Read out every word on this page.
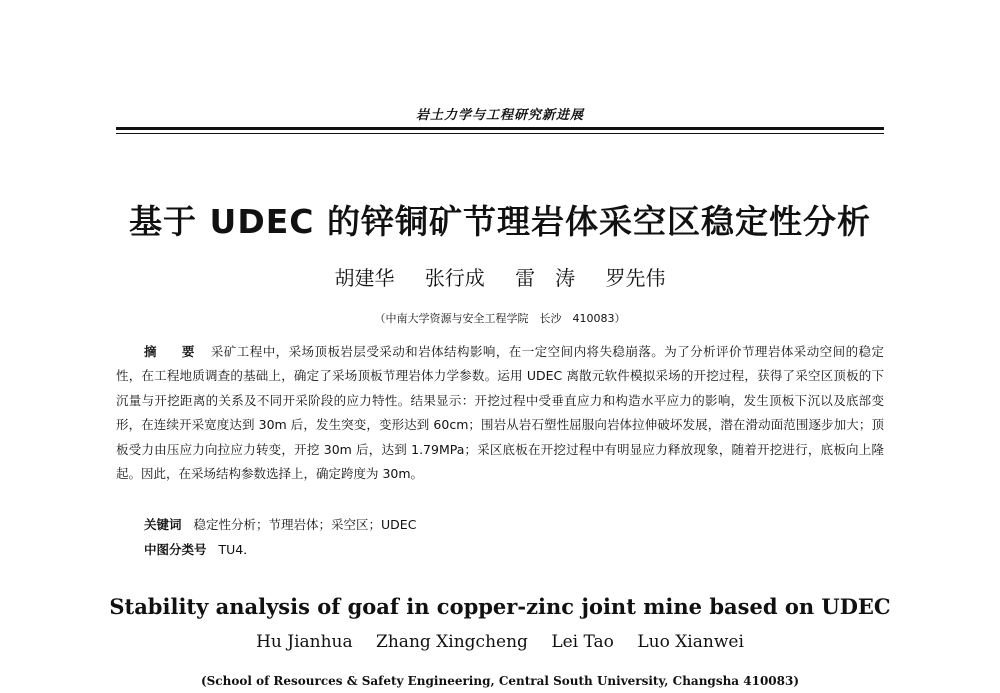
岩土力学与工程研究新进展
基于 UDEC 的锌铜矿节理岩体采空区稳定性分析
胡建华 张行成 雷　涛 罗先伟
（中南大学资源与安全工程学院　长沙　410083）
摘　要 采矿工程中，采场顶板岩层受采动和岩体结构影响，在一定空间内将失稳崩落。为了分析评价节理岩体采动空间的稳定性，在工程地质调查的基础上，确定了采场顶板节理岩体力学参数。运用 UDEC 离散元软件模拟采场的开挖过程，获得了采空区顶板的下沉量与开挖距离的关系及不同开采阶段的应力特性。结果显示：开挖过程中受垂直应力和构造水平应力的影响，发生顶板下沉以及底部变形，在连续开采宽度达到 30m 后，发生突变，变形达到 60cm；围岩从岩石塑性屈服向岩体拉伸破坏发展，潜在滑动面范围逐步加大；顶板受力由压应力向拉应力转变，开挖 30m 后，达到 1.79MPa；采区底板在开挖过程中有明显应力释放现象，随着开挖进行，底板向上隆起。因此，在采场结构参数选择上，确定跨度为 30m。
关键词 稳定性分析；节理岩体；采空区；UDEC
中图分类号 TU4．
Stability analysis of goaf in copper-zinc joint mine based on UDEC
Hu Jianhua Zhang Xingcheng Lei Tao Luo Xianwei
(School of Resources & Safety Engineering, Central South University, Changsha 410083)
